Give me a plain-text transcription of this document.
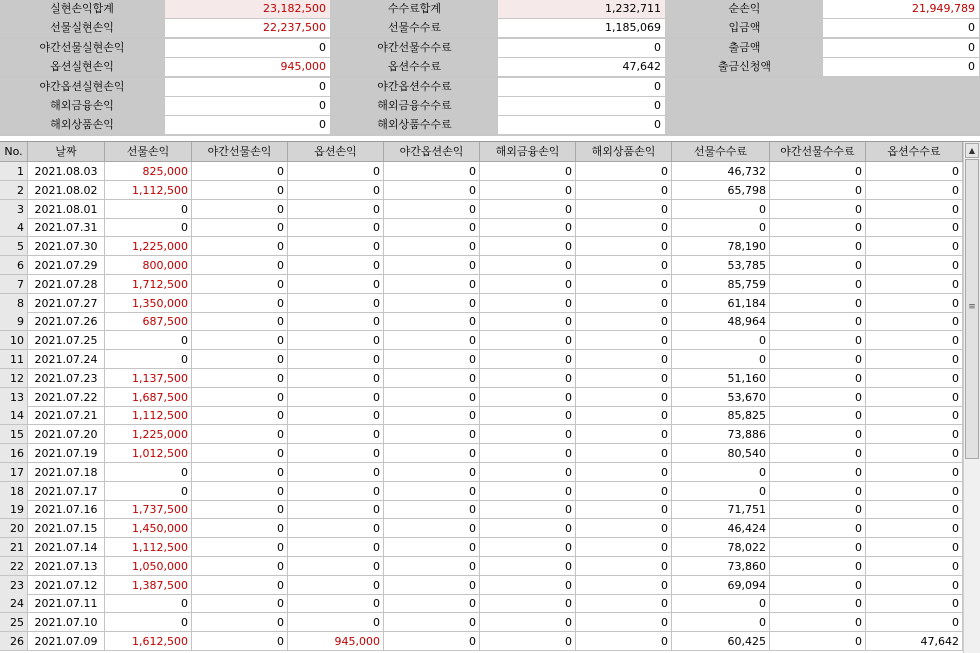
실현손익합계	23,182,500	수수료합계	1,232,711	순손익	21,949,789
선물실현손익	22,237,500	선물수수료	1,185,069	입금액	0
야간선물실현손익	0	야간선물수수료	0	출금액	0
옵션실현손익	945,000	옵션수수료	47,642	출금신청액	0
야간옵션실현손익	0	야간옵션수수료	0
해외금융손익	0	해외금융수수료	0
해외상품손익	0	해외상품수수료	0
No.	날짜	선물손익	야간선물손익	옵션손익	야간옵션손익	해외금융손익	해외상품손익	선물수수료	야간선물수수료	옵션수수료
1 2021.08.03	825,000	0	0	0	0	0	46,732	0	0
2 2021.08.02	1,112,500	0	0	0	0	0	65,798	0	0
3 2021.08.01	0	0	0	0	0	0	0	0	0
4 2021.07.31	0	0	0	0	0	0	0	0	0
5 2021.07.30	1,225,000	0	0	0	0	0	78,190	0	0
6 2021.07.29	800,000	0	0	0	0	0	53,785	0	0
7 2021.07.28	1,712,500	0	0	0	0	0	85,759	0	0
8 2021.07.27	1,350,000	0	0	0	0	0	61,184	0	0
9 2021.07.26	687,500	0	0	0	0	0	48,964	0	0
10 2021.07.25	0	0	0	0	0	0	0	0	0
11 2021.07.24	0	0	0	0	0	0	0	0	0
12 2021.07.23	1,137,500	0	0	0	0	0	51,160	0	0
13 2021.07.22	1,687,500	0	0	0	0	0	53,670	0	0
14 2021.07.21	1,112,500	0	0	0	0	0	85,825	0	0
15 2021.07.20	1,225,000	0	0	0	0	0	73,886	0	0
16 2021.07.19	1,012,500	0	0	0	0	0	80,540	0	0
17 2021.07.18	0	0	0	0	0	0	0	0	0
18 2021.07.17	0	0	0	0	0	0	0	0	0
19 2021.07.16	1,737,500	0	0	0	0	0	71,751	0	0
20 2021.07.15	1,450,000	0	0	0	0	0	46,424	0	0
21 2021.07.14	1,112,500	0	0	0	0	0	78,022	0	0
22 2021.07.13	1,050,000	0	0	0	0	0	73,860	0	0
23 2021.07.12	1,387,500	0	0	0	0	0	69,094	0	0
24 2021.07.11	0	0	0	0	0	0	0	0	0
25 2021.07.10	0	0	0	0	0	0	0	0	0
26 2021.07.09	1,612,500	0	945,000	0	0	0	60,425	0	47,642
▲
≡
